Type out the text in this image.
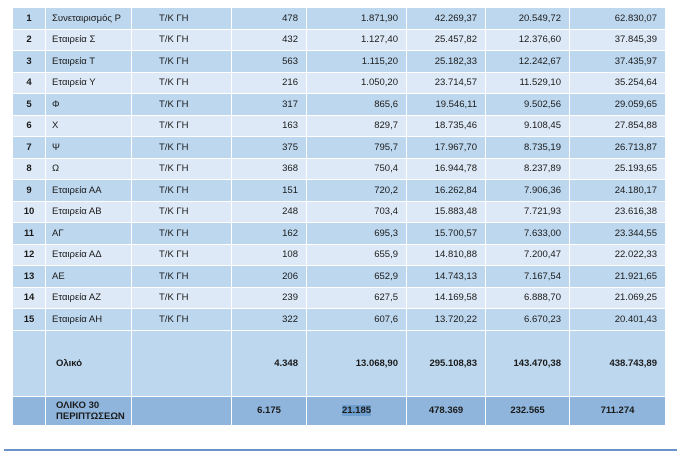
1	Συνεταιρισμός Ρ	Τ/Κ ΓΗ	478	1.871,90	42.269,37	20.549,72	62.830,07
2	Εταιρεία Σ	Τ/Κ ΓΗ	432	1.127,40	25.457,82	12.376,60	37.845,39
3	Εταιρεία Τ	Τ/Κ ΓΗ	563	1.115,20	25.182,33	12.242,67	37.435,97
4	Εταιρεία Υ	Τ/Κ ΓΗ	216	1.050,20	23.714,57	11.529,10	35.254,64
5	Φ	Τ/Κ ΓΗ	317	865,6	19.546,11	9.502,56	29.059,65
6	Χ	Τ/Κ ΓΗ	163	829,7	18.735,46	9.108,45	27.854,88
7	Ψ	Τ/Κ ΓΗ	375	795,7	17.967,70	8.735,19	26.713,87
8	Ω	Τ/Κ ΓΗ	368	750,4	16.944,78	8.237,89	25.193,65
9	Εταιρεία ΑΑ	Τ/Κ ΓΗ	151	720,2	16.262,84	7.906,36	24.180,17
10	Εταιρεία ΑΒ	Τ/Κ ΓΗ	248	703,4	15.883,48	7.721,93	23.616,38
11	ΑΓ	Τ/Κ ΓΗ	162	695,3	15.700,57	7.633,00	23.344,55
12	Εταιρεία ΑΔ	Τ/Κ ΓΗ	108	655,9	14.810,88	7.200,47	22.022,33
13	ΑΕ	Τ/Κ ΓΗ	206	652,9	14.743,13	7.167,54	21.921,65
14	Εταιρεία ΑΖ	Τ/Κ ΓΗ	239	627,5	14.169,58	6.888,70	21.069,25
15	Εταιρεία ΑΗ	Τ/Κ ΓΗ	322	607,6	13.720,22	6.670,23	20.401,43
	Ολικό		4.348	13.068,90	295.108,83	143.470,38	438.743,89
	ΟΛΙΚΟ 30
ΠΕΡΙΠΤΩΣΕΩΝ		6.175	21.185	478.369	232.565	711.274
